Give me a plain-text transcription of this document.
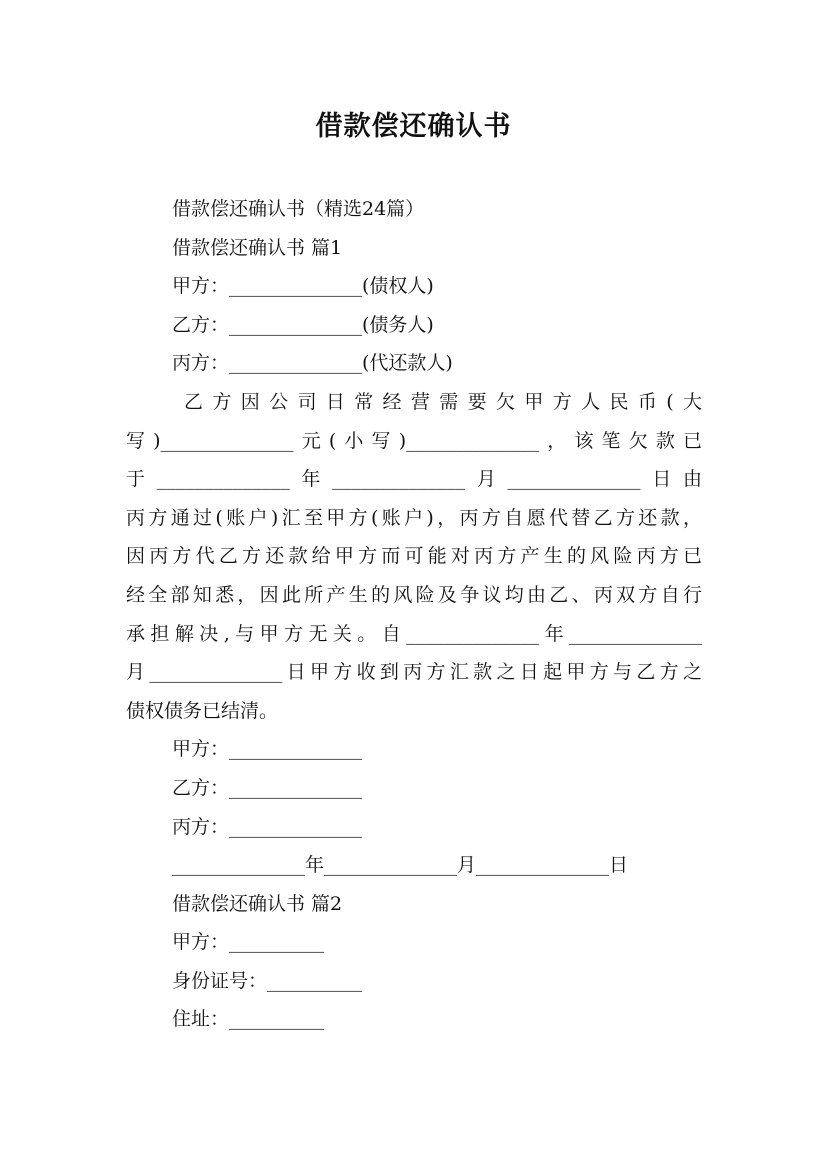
借款偿还确认书
借款偿还确认书（精选24篇）
借款偿还确认书 篇1
甲方：______________(债权人)
乙方：______________(债务人)
丙方：______________(代还款人)
乙方因公司日常经营需要欠甲方人民币(大
写)______________元(小写)______________，该笔欠款已
于______________年______________月______________日由
丙方通过(账户)汇至甲方(账户)，丙方自愿代替乙方还款，
因丙方代乙方还款给甲方而可能对丙方产生的风险丙方已
经全部知悉，因此所产生的风险及争议均由乙、丙双方自行
承担解决,与甲方无关。自______________年______________
月______________日甲方收到丙方汇款之日起甲方与乙方之
债权债务已结清。
甲方：______________
乙方：______________
丙方：______________
______________年______________月______________日
借款偿还确认书 篇2
甲方：__________
身份证号：__________
住址：__________
